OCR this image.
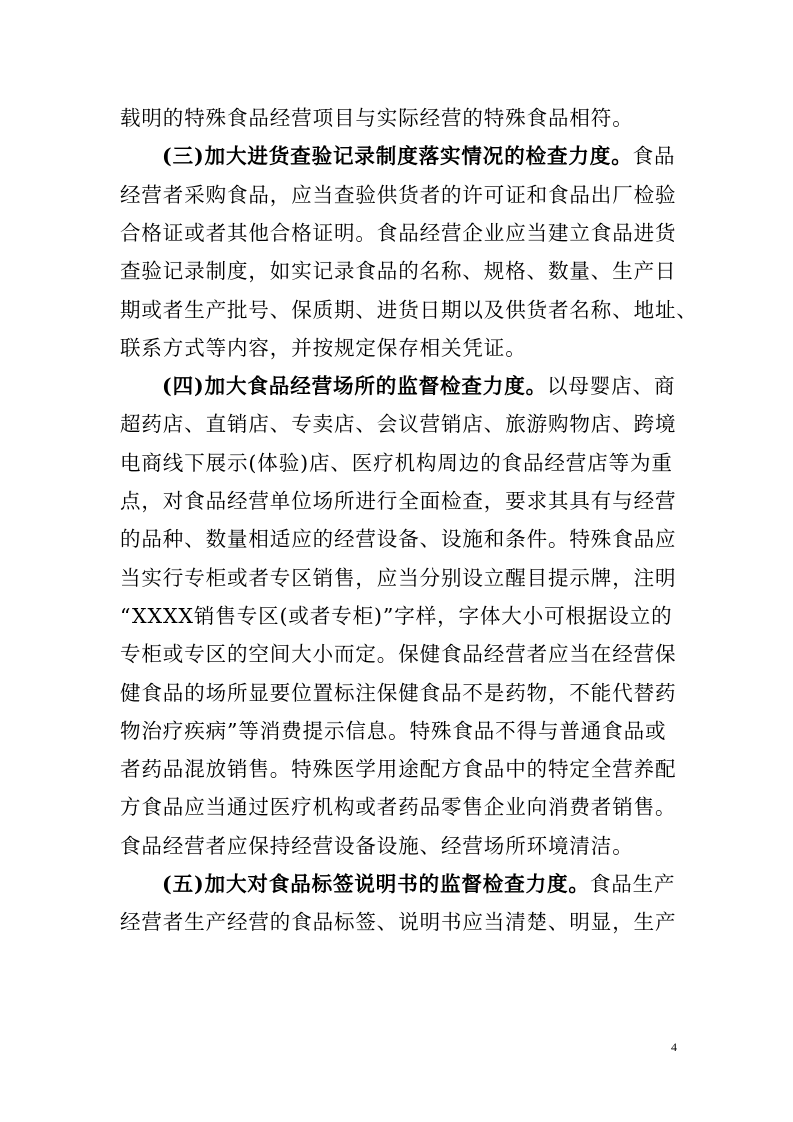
载明的特殊食品经营项目与实际经营的特殊食品相符。
(三)加大进货查验记录制度落实情况的检查力度。食品
经营者采购食品，应当查验供货者的许可证和食品出厂检验
合格证或者其他合格证明。食品经营企业应当建立食品进货
查验记录制度，如实记录食品的名称、规格、数量、生产日
期或者生产批号、保质期、进货日期以及供货者名称、地址、
联系方式等内容，并按规定保存相关凭证。
(四)加大食品经营场所的监督检查力度。以母婴店、商
超药店、直销店、专卖店、会议营销店、旅游购物店、跨境
电商线下展示(体验)店、医疗机构周边的食品经营店等为重
点，对食品经营单位场所进行全面检查，要求其具有与经营
的品种、数量相适应的经营设备、设施和条件。特殊食品应
当实行专柜或者专区销售，应当分别设立醒目提示牌，注明
“XXXX销售专区(或者专柜)”字样，字体大小可根据设立的
专柜或专区的空间大小而定。保健食品经营者应当在经营保
健食品的场所显要位置标注保健食品不是药物，不能代替药
物治疗疾病”等消费提示信息。特殊食品不得与普通食品或
者药品混放销售。特殊医学用途配方食品中的特定全营养配
方食品应当通过医疗机构或者药品零售企业向消费者销售。
食品经营者应保持经营设备设施、经营场所环境清洁。
(五)加大对食品标签说明书的监督检查力度。食品生产
经营者生产经营的食品标签、说明书应当清楚、明显，生产
4
